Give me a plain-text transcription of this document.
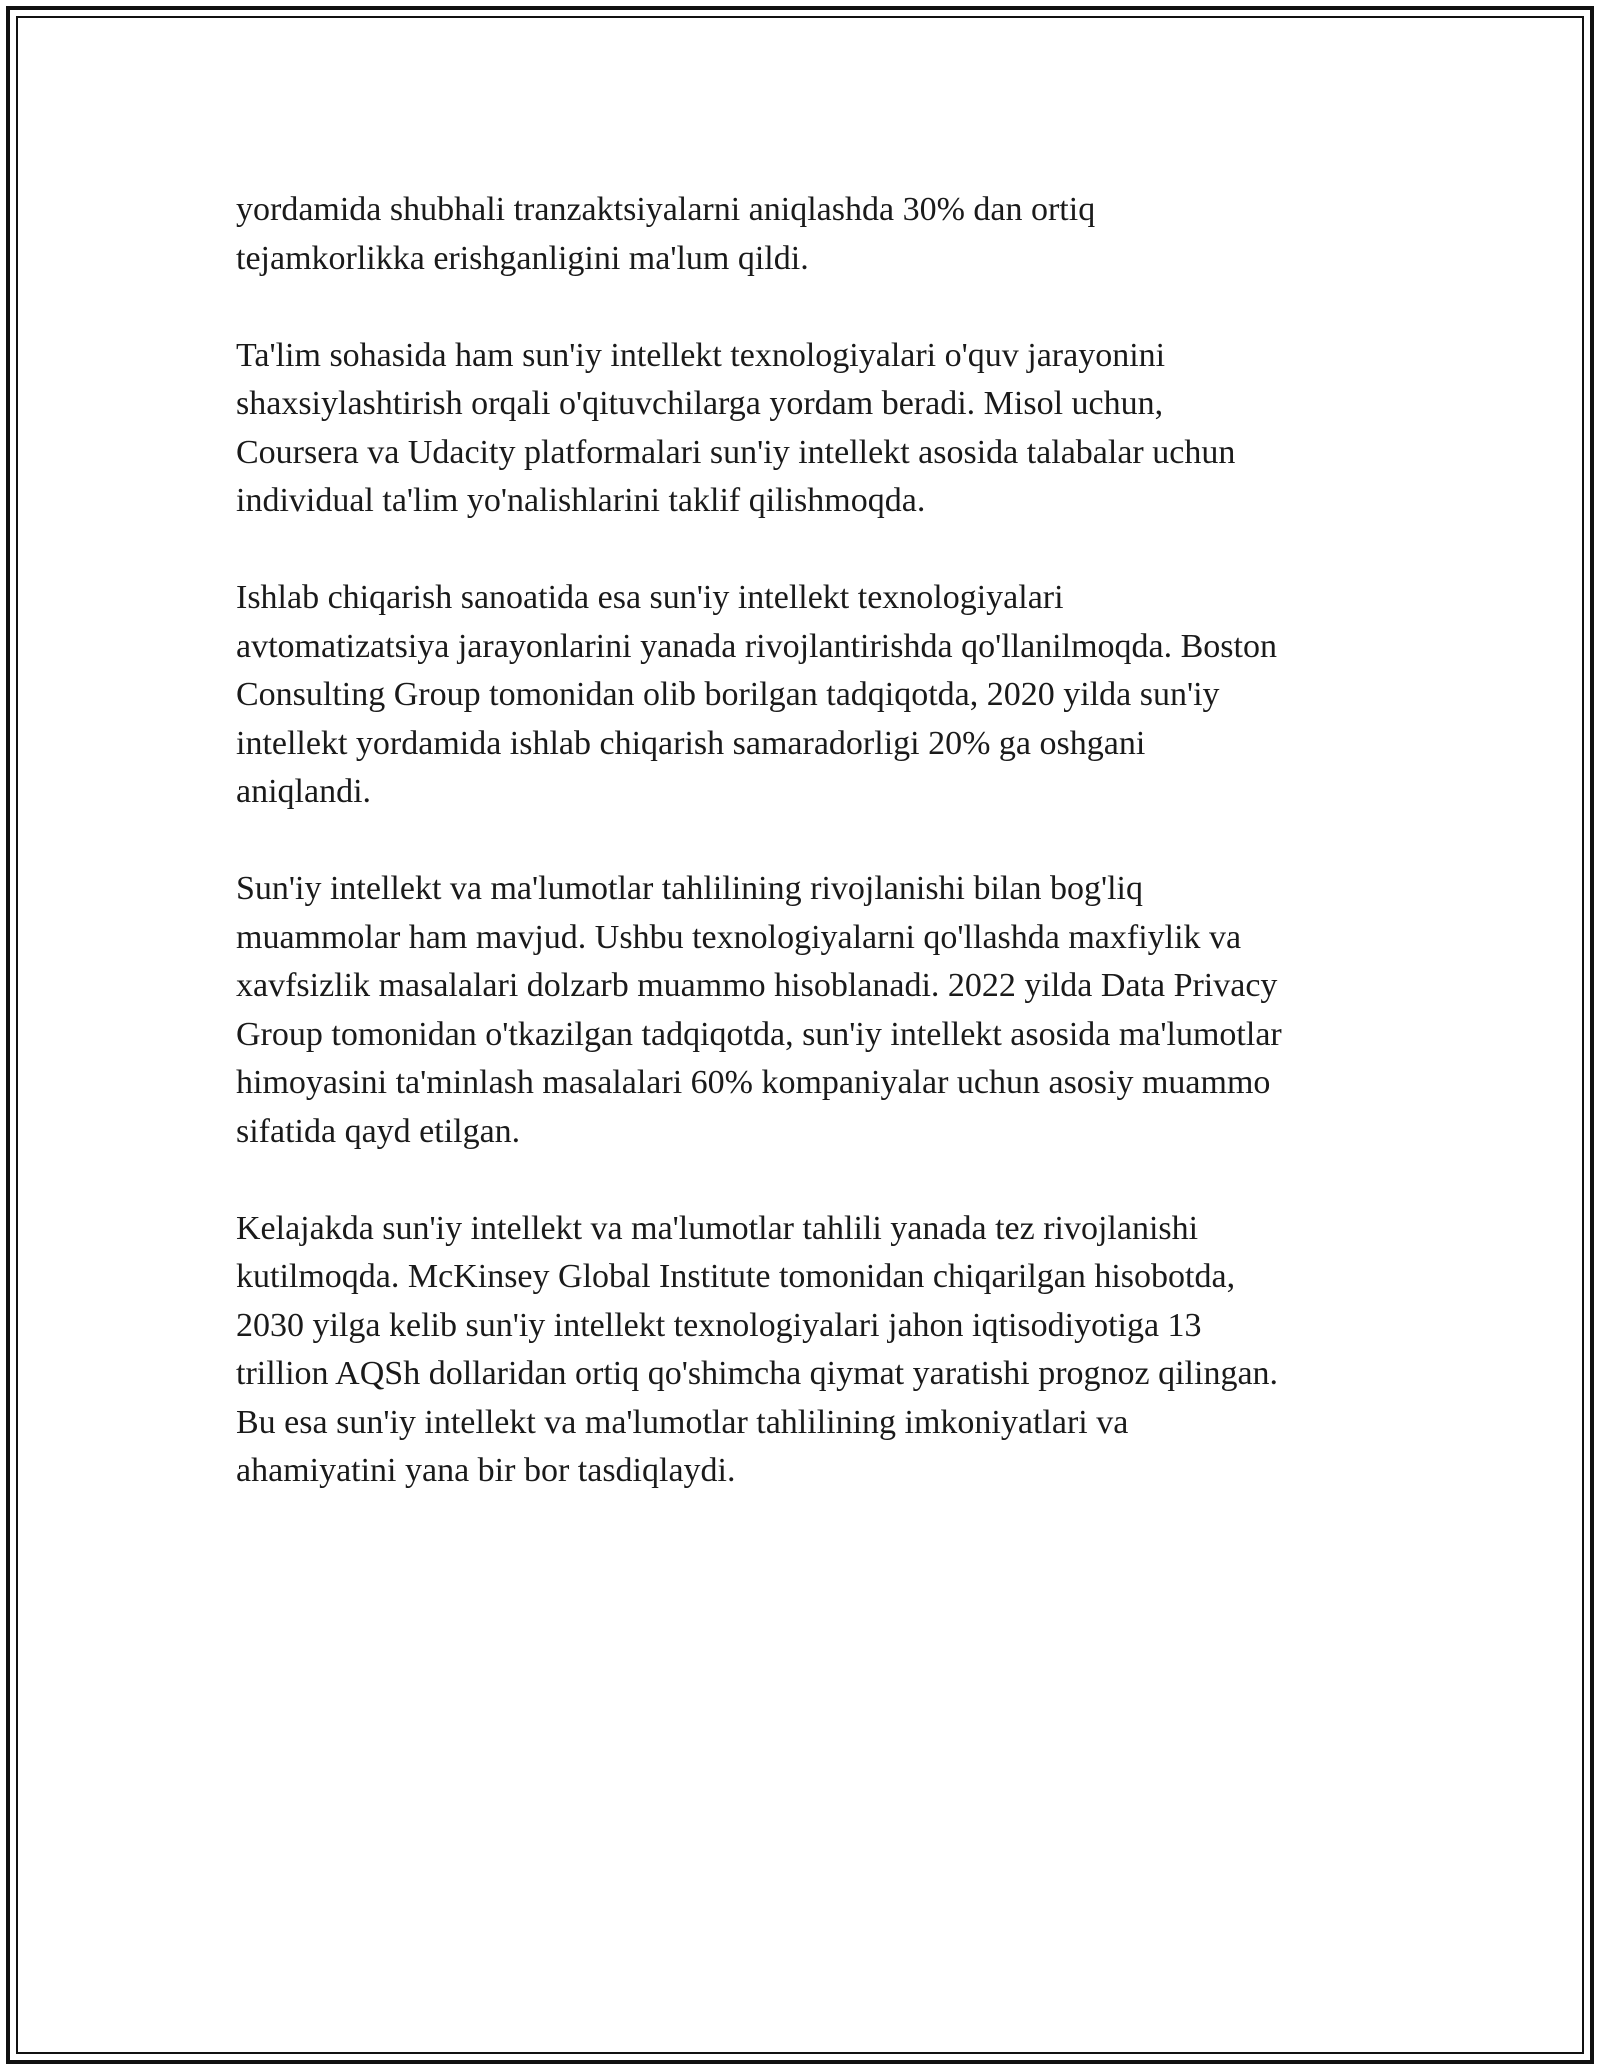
yordamida shubhali tranzaktsiyalarni aniqlashda 30% dan ortiq
tejamkorlikka erishganligini ma'lum qildi.

Ta'lim sohasida ham sun'iy intellekt texnologiyalari o'quv jarayonini
shaxsiylashtirish orqali o'qituvchilarga yordam beradi. Misol uchun,
Coursera va Udacity platformalari sun'iy intellekt asosida talabalar uchun
individual ta'lim yo'nalishlarini taklif qilishmoqda.

Ishlab chiqarish sanoatida esa sun'iy intellekt texnologiyalari
avtomatizatsiya jarayonlarini yanada rivojlantirishda qo'llanilmoqda. Boston
Consulting Group tomonidan olib borilgan tadqiqotda, 2020 yilda sun'iy
intellekt yordamida ishlab chiqarish samaradorligi 20% ga oshgani
aniqlandi.

Sun'iy intellekt va ma'lumotlar tahlilining rivojlanishi bilan bog'liq
muammolar ham mavjud. Ushbu texnologiyalarni qo'llashda maxfiylik va
xavfsizlik masalalari dolzarb muammo hisoblanadi. 2022 yilda Data Privacy
Group tomonidan o'tkazilgan tadqiqotda, sun'iy intellekt asosida ma'lumotlar
himoyasini ta'minlash masalalari 60% kompaniyalar uchun asosiy muammo
sifatida qayd etilgan.

Kelajakda sun'iy intellekt va ma'lumotlar tahlili yanada tez rivojlanishi
kutilmoqda. McKinsey Global Institute tomonidan chiqarilgan hisobotda,
2030 yilga kelib sun'iy intellekt texnologiyalari jahon iqtisodiyotiga 13
trillion AQSh dollaridan ortiq qo'shimcha qiymat yaratishi prognoz qilingan.
Bu esa sun'iy intellekt va ma'lumotlar tahlilining imkoniyatlari va
ahamiyatini yana bir bor tasdiqlaydi.
